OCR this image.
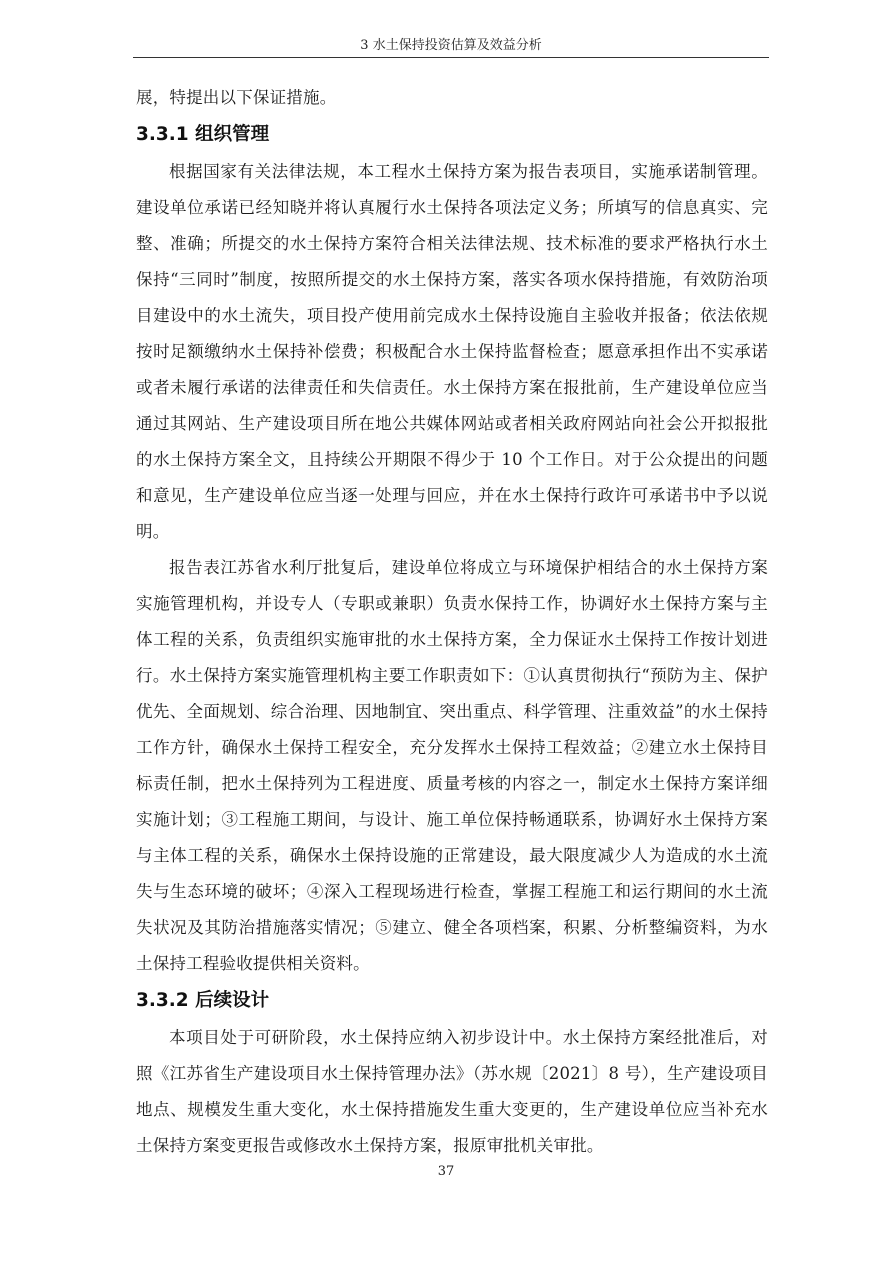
3 水土保持投资估算及效益分析

展，特提出以下保证措施。

3.3.1 组织管理

根据国家有关法律法规，本工程水土保持方案为报告表项目，实施承诺制管理。建设单位承诺已经知晓并将认真履行水土保持各项法定义务；所填写的信息真实、完整、准确；所提交的水土保持方案符合相关法律法规、技术标准的要求严格执行水土保持“三同时”制度，按照所提交的水土保持方案，落实各项水保持措施，有效防治项目建设中的水土流失，项目投产使用前完成水土保持设施自主验收并报备；依法依规按时足额缴纳水土保持补偿费；积极配合水土保持监督检查；愿意承担作出不实承诺或者未履行承诺的法律责任和失信责任。水土保持方案在报批前，生产建设单位应当通过其网站、生产建设项目所在地公共媒体网站或者相关政府网站向社会公开拟报批的水土保持方案全文，且持续公开期限不得少于 10 个工作日。对于公众提出的问题和意见，生产建设单位应当逐一处理与回应，并在水土保持行政许可承诺书中予以说明。

报告表江苏省水利厅批复后，建设单位将成立与环境保护相结合的水土保持方案实施管理机构，并设专人（专职或兼职）负责水保持工作，协调好水土保持方案与主体工程的关系，负责组织实施审批的水土保持方案，全力保证水土保持工作按计划进行。水土保持方案实施管理机构主要工作职责如下：①认真贯彻执行“预防为主、保护优先、全面规划、综合治理、因地制宜、突出重点、科学管理、注重效益”的水土保持工作方针，确保水土保持工程安全，充分发挥水土保持工程效益；②建立水土保持目标责任制，把水土保持列为工程进度、质量考核的内容之一，制定水土保持方案详细实施计划；③工程施工期间，与设计、施工单位保持畅通联系，协调好水土保持方案与主体工程的关系，确保水土保持设施的正常建设，最大限度减少人为造成的水土流失与生态环境的破坏；④深入工程现场进行检查，掌握工程施工和运行期间的水土流失状况及其防治措施落实情况；⑤建立、健全各项档案，积累、分析整编资料，为水土保持工程验收提供相关资料。

3.3.2 后续设计

本项目处于可研阶段，水土保持应纳入初步设计中。水土保持方案经批准后，对照《江苏省生产建设项目水土保持管理办法》（苏水规〔2021〕8 号），生产建设项目地点、规模发生重大变化，水土保持措施发生重大变更的，生产建设单位应当补充水土保持方案变更报告或修改水土保持方案，报原审批机关审批。

37
